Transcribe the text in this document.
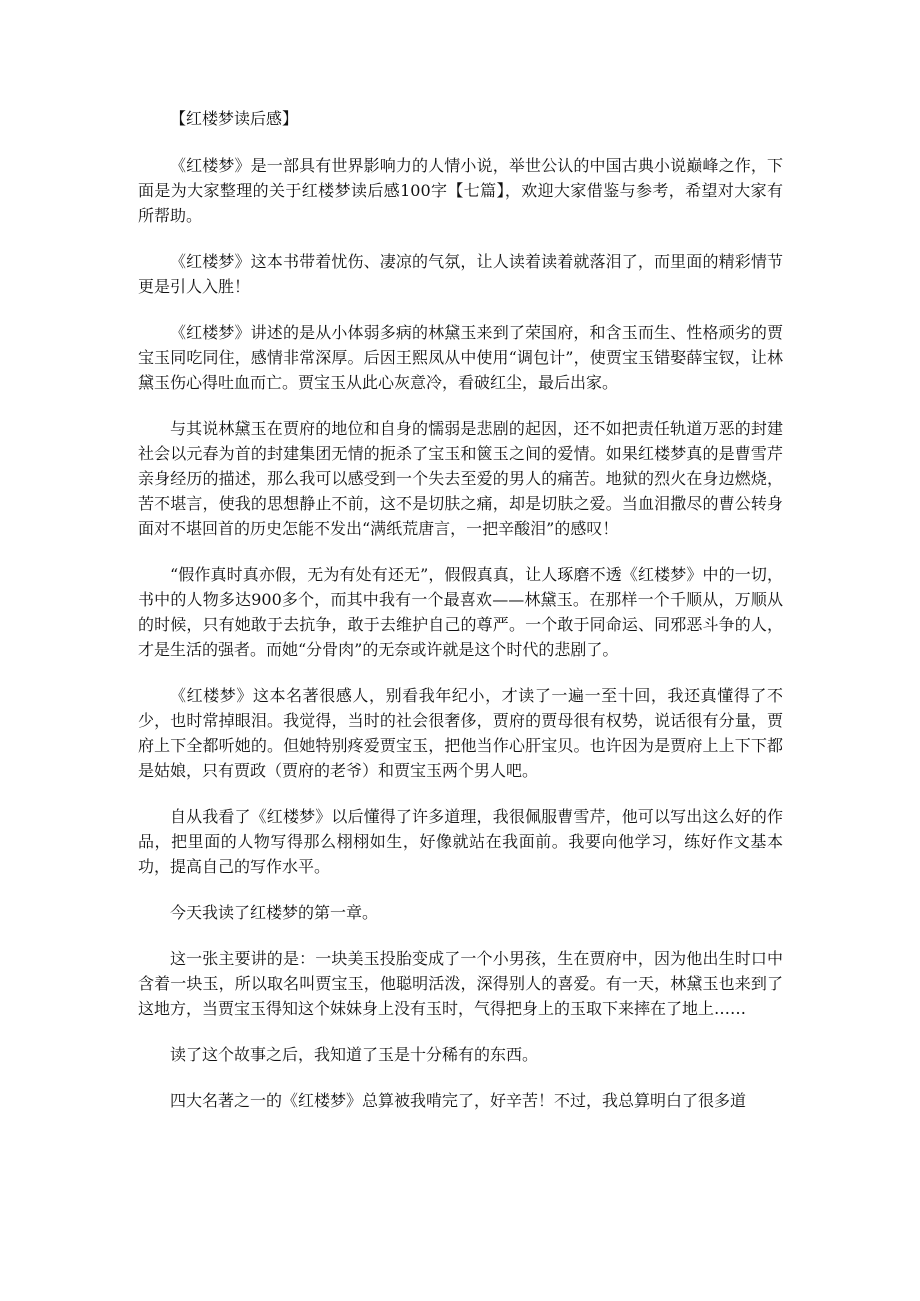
【红楼梦读后感】

《红楼梦》是一部具有世界影响力的人情小说，举世公认的中国古典小说巅峰之作，下面是为大家整理的关于红楼梦读后感100字【七篇】，欢迎大家借鉴与参考，希望对大家有所帮助。

《红楼梦》这本书带着忧伤、凄凉的气氛，让人读着读着就落泪了，而里面的精彩情节更是引人入胜！

《红楼梦》讲述的是从小体弱多病的林黛玉来到了荣国府，和含玉而生、性格顽劣的贾宝玉同吃同住，感情非常深厚。后因王熙凤从中使用“调包计”，使贾宝玉错娶薛宝钗，让林黛玉伤心得吐血而亡。贾宝玉从此心灰意冷，看破红尘，最后出家。

与其说林黛玉在贾府的地位和自身的懦弱是悲剧的起因，还不如把责任轨道万恶的封建社会以元春为首的封建集团无情的扼杀了宝玉和篋玉之间的爱情。如果红楼梦真的是曹雪芹亲身经历的描述，那么我可以感受到一个失去至爱的男人的痛苦。地狱的烈火在身边燃烧，苦不堪言，使我的思想静止不前，这不是切肤之痛，却是切肤之爱。当血泪撒尽的曹公转身面对不堪回首的历史怎能不发出“满纸荒唐言，一把辛酸泪”的感叹！

“假作真时真亦假，无为有处有还无”，假假真真，让人琢磨不透《红楼梦》中的一切，书中的人物多达900多个，而其中我有一个最喜欢——林黛玉。在那样一个千顺从，万顺从的时候，只有她敢于去抗争，敢于去维护自己的尊严。一个敢于同命运、同邪恶斗争的人，才是生活的强者。而她“分骨肉”的无奈或许就是这个时代的悲剧了。

《红楼梦》这本名著很感人，别看我年纪小，才读了一遍一至十回，我还真懂得了不少，也时常掉眼泪。我觉得，当时的社会很奢侈，贾府的贾母很有权势，说话很有分量，贾府上下全都听她的。但她特别疼爱贾宝玉，把他当作心肝宝贝。也许因为是贾府上上下下都是姑娘，只有贾政（贾府的老爷）和贾宝玉两个男人吧。

自从我看了《红楼梦》以后懂得了许多道理，我很佩服曹雪芹，他可以写出这么好的作品，把里面的人物写得那么栩栩如生，好像就站在我面前。我要向他学习，练好作文基本功，提高自己的写作水平。

今天我读了红楼梦的第一章。

这一张主要讲的是：一块美玉投胎变成了一个小男孩，生在贾府中，因为他出生时口中含着一块玉，所以取名叫贾宝玉，他聪明活泼，深得别人的喜爱。有一天，林黛玉也来到了这地方，当贾宝玉得知这个妹妹身上没有玉时，气得把身上的玉取下来摔在了地上……

读了这个故事之后，我知道了玉是十分稀有的东西。

四大名著之一的《红楼梦》总算被我啃完了，好辛苦！不过，我总算明白了很多道
